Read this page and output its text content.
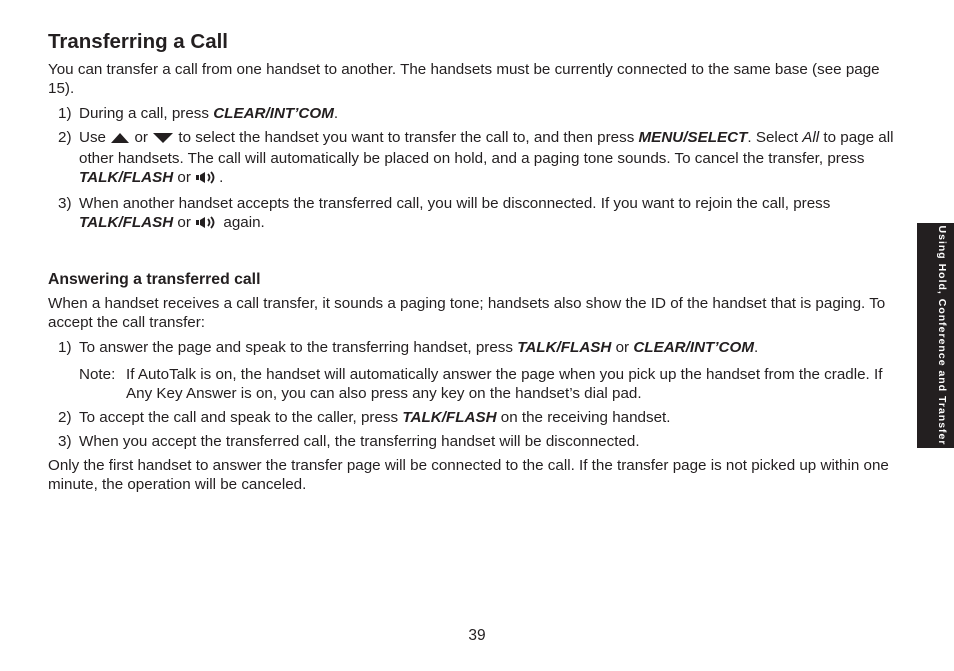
Transferring a Call

You can transfer a call from one handset to another. The handsets must be currently connected to the same base (see page 15).

1) During a call, press CLEAR/INT’COM.
2) Use  or  to select the handset you want to transfer the call to, and then press MENU/SELECT. Select All to page all other handsets. The call will automatically be placed on hold, and a paging tone sounds. To cancel the transfer, press TALK/FLASH or .
3) When another handset accepts the transferred call, you will be disconnected. If you want to rejoin the call, press TALK/FLASH or  again.
Answering a transferred call

When a handset receives a call transfer, it sounds a paging tone; handsets also show the ID of the handset that is paging. To accept the call transfer:

1) To answer the page and speak to the transferring handset, press TALK/FLASH or CLEAR/INT’COM.
Note: If AutoTalk is on, the handset will automatically answer the page when you pick up the handset from the cradle. If Any Key Answer is on, you can also press any key on the handset’s dial pad.
2) To accept the call and speak to the caller, press TALK/FLASH on the receiving handset.
3) When you accept the transferred call, the transferring handset will be disconnected.

Only the first handset to answer the transfer page will be connected to the call. If the transfer page is not picked up within one minute, the operation will be canceled.

Using Hold, Conference and Transfer
39
